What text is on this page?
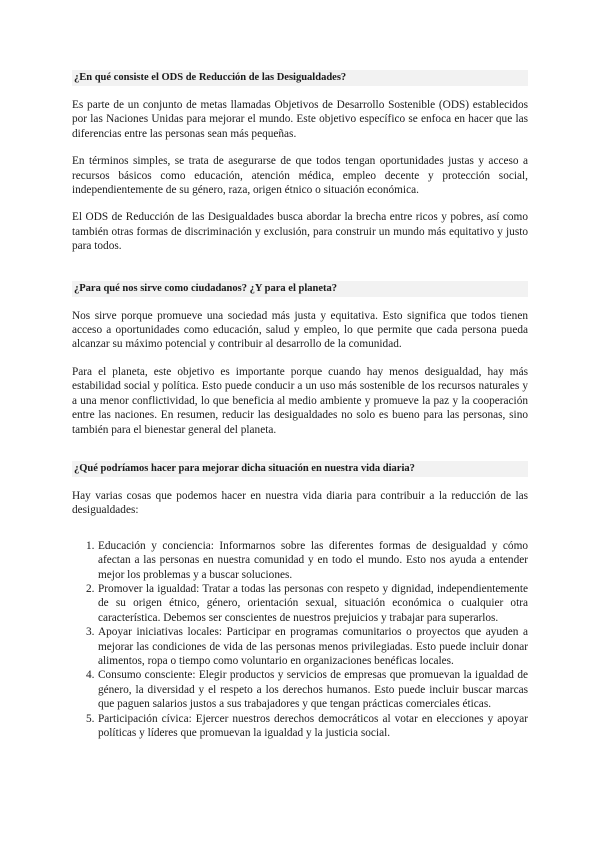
¿En qué consiste el ODS de Reducción de las Desigualdades?

Es parte de un conjunto de metas llamadas Objetivos de Desarrollo Sostenible (ODS) establecidos por las Naciones Unidas para mejorar el mundo. Este objetivo específico se enfoca en hacer que las diferencias entre las personas sean más pequeñas.

En términos simples, se trata de asegurarse de que todos tengan oportunidades justas y acceso a recursos básicos como educación, atención médica, empleo decente y protección social, independientemente de su género, raza, origen étnico o situación económica.

El ODS de Reducción de las Desigualdades busca abordar la brecha entre ricos y pobres, así como también otras formas de discriminación y exclusión, para construir un mundo más equitativo y justo para todos.

¿Para qué nos sirve como ciudadanos? ¿Y para el planeta?

Nos sirve porque promueve una sociedad más justa y equitativa. Esto significa que todos tienen acceso a oportunidades como educación, salud y empleo, lo que permite que cada persona pueda alcanzar su máximo potencial y contribuir al desarrollo de la comunidad.

Para el planeta, este objetivo es importante porque cuando hay menos desigualdad, hay más estabilidad social y política. Esto puede conducir a un uso más sostenible de los recursos naturales y a una menor conflictividad, lo que beneficia al medio ambiente y promueve la paz y la cooperación entre las naciones. En resumen, reducir las desigualdades no solo es bueno para las personas, sino también para el bienestar general del planeta.

¿Qué podríamos hacer para mejorar dicha situación en nuestra vida diaria?

Hay varias cosas que podemos hacer en nuestra vida diaria para contribuir a la reducción de las desigualdades:

1. Educación y conciencia: Informarnos sobre las diferentes formas de desigualdad y cómo afectan a las personas en nuestra comunidad y en todo el mundo. Esto nos ayuda a entender mejor los problemas y a buscar soluciones.
2. Promover la igualdad: Tratar a todas las personas con respeto y dignidad, independientemente de su origen étnico, género, orientación sexual, situación económica o cualquier otra característica. Debemos ser conscientes de nuestros prejuicios y trabajar para superarlos.
3. Apoyar iniciativas locales: Participar en programas comunitarios o proyectos que ayuden a mejorar las condiciones de vida de las personas menos privilegiadas. Esto puede incluir donar alimentos, ropa o tiempo como voluntario en organizaciones benéficas locales.
4. Consumo consciente: Elegir productos y servicios de empresas que promuevan la igualdad de género, la diversidad y el respeto a los derechos humanos. Esto puede incluir buscar marcas que paguen salarios justos a sus trabajadores y que tengan prácticas comerciales éticas.
5. Participación cívica: Ejercer nuestros derechos democráticos al votar en elecciones y apoyar políticas y líderes que promuevan la igualdad y la justicia social.
